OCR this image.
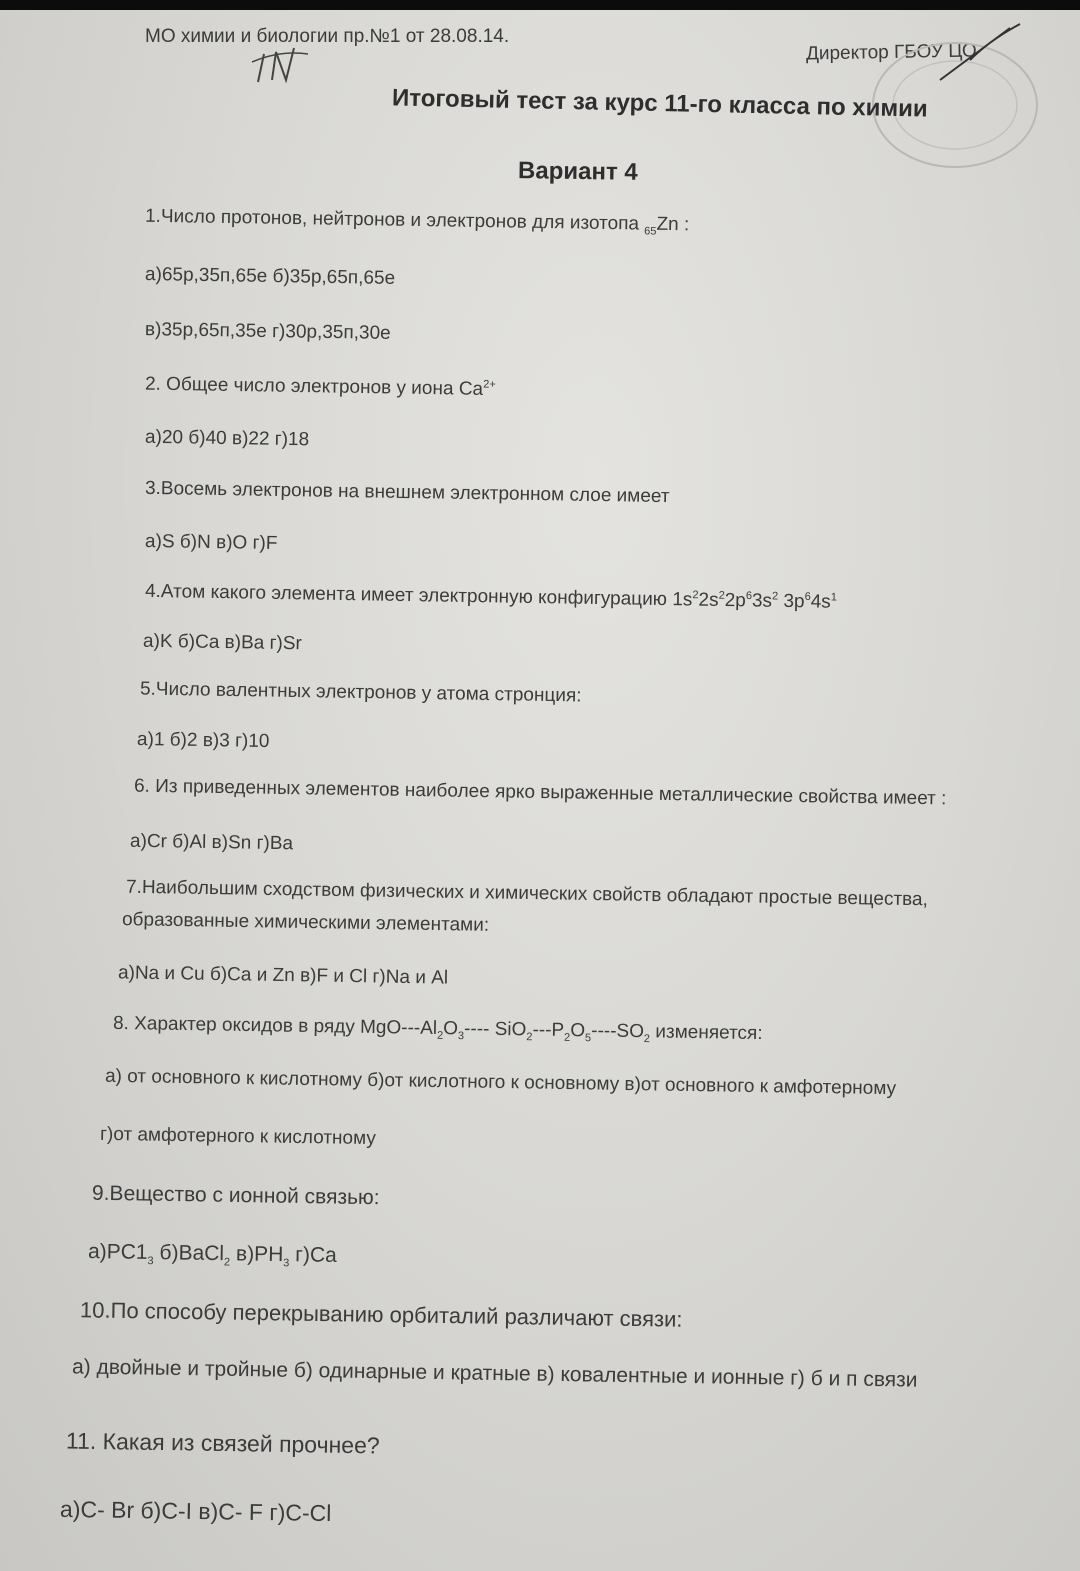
МО химии и биологии пр.№1 от 28.08.14.
Директор ГБОУ ЦО
Итоговый тест за курс 11-го класса по химии
Вариант 4
1.Число протонов, нейтронов и электронов для изотопа $_{65}$Zn :
а)65р,35п,65е б)35р,65п,65е
в)35р,65п,35е г)30р,35п,30е
2. Общее число электронов у иона $Ca^{2+}$
а)20 б)40 в)22 г)18
3.Восемь электронов на внешнем электронном слое имеет
а)S б)N в)O г)F
4.Атом какого элемента имеет электронную конфигурацию $1s^22s^22p^63s^2$ $3p^64s^1$
а)K б)Ca в)Ba г)Sr
5.Число валентных электронов у атома стронция:
а)1 б)2 в)3 г)10
6. Из приведенных элементов наиболее ярко выраженные металлические свойства имеет :
а)Cr б)Al в)Sn г)Ba
7.Наибольшим сходством физических и химических свойств обладают простые вещества,
образованные химическими элементами:
а)Na и Cu б)Ca и Zn в)F и Cl г)Na и Al
8. Характер оксидов в ряду MgO-$--Al_2O_3----$ $SiO_2---P_2O_5----SO_2$ изменяется:
а) от основного к кислотному б)от кислотного к основному в)от основного к амфотерному
г)от амфотерного к кислотному
9.Вещество с ионной связью:
$а)PC1_3$ б)BaCl$_2$ $в)PH_3$ г)Ca
10.По способу перекрыванию орбиталий различают связи:
а) двойные и тройные б) одинарные и кратные в) ковалентные и ионные г) б и п связи
11. Какая из связей прочнее?
а)C- Br б)C-I в)C- F г)C-Cl
